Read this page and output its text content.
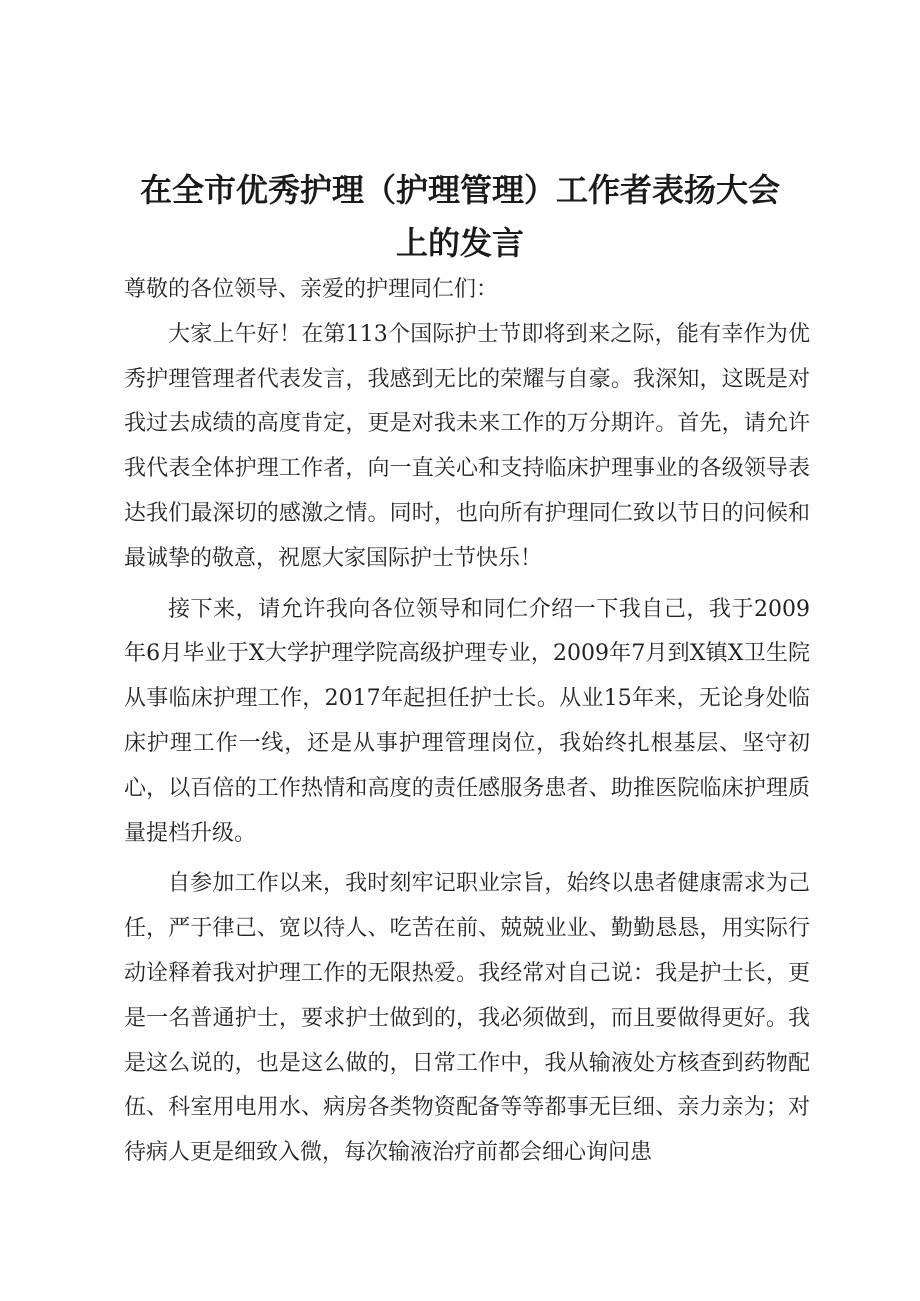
在全市优秀护理（护理管理）工作者表扬大会
上的发言

尊敬的各位领导、亲爱的护理同仁们：

大家上午好！在第113个国际护士节即将到来之际，能有幸作为优秀护理管理者代表发言，我感到无比的荣耀与自豪。我深知，这既是对我过去成绩的高度肯定，更是对我未来工作的万分期许。首先，请允许我代表全体护理工作者，向一直关心和支持临床护理事业的各级领导表达我们最深切的感激之情。同时，也向所有护理同仁致以节日的问候和最诚挚的敬意，祝愿大家国际护士节快乐！

接下来，请允许我向各位领导和同仁介绍一下我自己，我于2009年6月毕业于X大学护理学院高级护理专业，2009年7月到X镇X卫生院从事临床护理工作，2017年起担任护士长。从业15年来，无论身处临床护理工作一线，还是从事护理管理岗位，我始终扎根基层、坚守初心，以百倍的工作热情和高度的责任感服务患者、助推医院临床护理质量提档升级。

自参加工作以来，我时刻牢记职业宗旨，始终以患者健康需求为己任，严于律己、宽以待人、吃苦在前、兢兢业业、勤勤恳恳，用实际行动诠释着我对护理工作的无限热爱。我经常对自己说：我是护士长，更是一名普通护士，要求护士做到的，我必须做到，而且要做得更好。我是这么说的，也是这么做的，日常工作中，我从输液处方核查到药物配伍、科室用电用水、病房各类物资配备等等都事无巨细、亲力亲为；对待病人更是细致入微，每次输液治疗前都会细心询问患
